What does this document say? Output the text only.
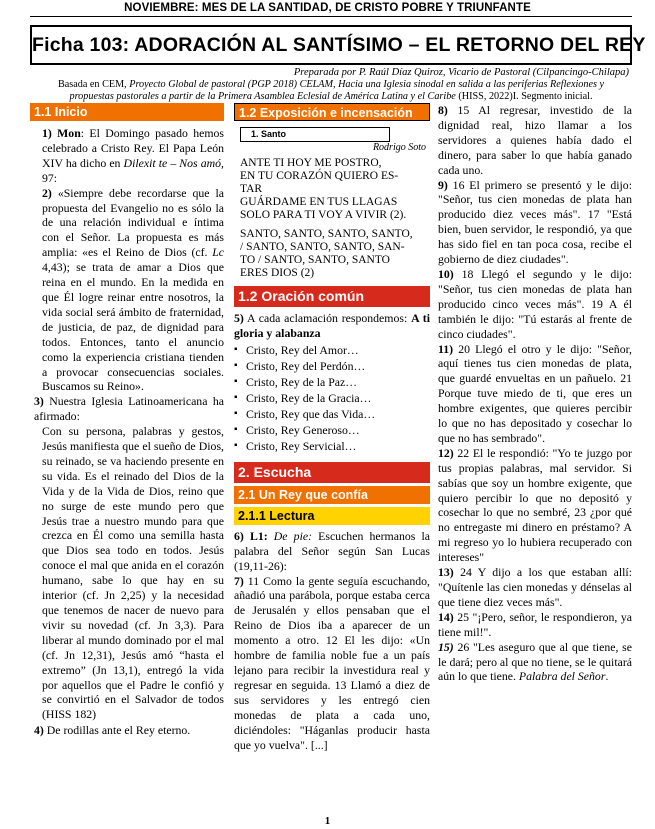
NOVIEMBRE: MES DE LA SANTIDAD, DE CRISTO POBRE Y TRIUNFANTE
Ficha 103: ADORACIÓN AL SANTÍSIMO – EL RETORNO DEL REY
Preparada por P. Raúl Díaz Quiroz, Vicario de Pastoral (Cilpancingo-Chilapa)
Basada en CEM, Proyecto Global de pastoral (PGP 2018) CELAM, Hacia una Iglesia sinodal en salida a las periferias Reflexiones y
propuestas pastorales a partir de la Primera Asamblea Eclesial de América Latina y el Caribe (HISS, 2022)I. Segmento inicial.
1.1 Inicio
1) Mon: El Domingo pasado hemos celebrado a Cristo Rey. El Papa León XIV ha dicho en Dilexit te – Nos amó, 97:
2) «Siempre debe recordarse que la propuesta del Evangelio no es sólo la de una relación individual e íntima con el Señor. La propuesta es más amplia: «es el Reino de Dios (cf. Lc 4,43); se trata de amar a Dios que reina en el mundo. En la medida en que Él logre reinar entre nosotros, la vida social será ámbito de fraternidad, de justicia, de paz, de dignidad para todos. Entonces, tanto el anuncio como la experiencia cristiana tienden a provocar consecuencias sociales. Buscamos su Reino».
3) Nuestra Iglesia Latinoamericana ha afirmado:
Con su persona, palabras y gestos, Jesús manifiesta que el sueño de Dios, su reinado, se va haciendo presente en su vida. Es el reinado del Dios de la Vida y de la Vida de Dios, reino que no surge de este mundo pero que Jesús trae a nuestro mundo para que crezca en Él como una semilla hasta que Dios sea todo en todos. Jesús conoce el mal que anida en el corazón humano, sabe lo que hay en su interior (cf. Jn 2,25) y la necesidad que tenemos de nacer de nuevo para vivir su novedad (cf. Jn 3,3). Para liberar al mundo dominado por el mal (cf. Jn 12,31), Jesús amó “hasta el extremo” (Jn 13,1), entregó la vida por aquellos que el Padre le confió y se convirtió en el Salvador de todos (HISS 182)
4) De rodillas ante el Rey eterno.
1.2 Exposición e incensación
1. Santo
Rodrigo Soto
ANTE TI HOY ME POSTRO,
EN TU CORAZÓN QUIERO ES-
TAR
GUÁRDAME EN TUS LLAGAS
SOLO PARA TI VOY A VIVIR (2).
SANTO, SANTO, SANTO, SANTO,
/ SANTO, SANTO, SANTO, SAN-
TO / SANTO, SANTO, SANTO
ERES DIOS (2)
1.2 Oración común
5) A cada aclamación respondemos: A ti gloria y alabanza
▪ Cristo, Rey del Amor…
▪ Cristo, Rey del Perdón…
▪ Cristo, Rey de la Paz…
▪ Cristo, Rey de la Gracia…
▪ Cristo, Rey que das Vida…
▪ Cristo, Rey Generoso…
▪ Cristo, Rey Servicial…
2. Escucha
2.1 Un Rey que confía
2.1.1 Lectura
6) L1: De pie: Escuchen hermanos la palabra del Señor según San Lucas (19,11-26):
7) 11 Como la gente seguía escuchando, añadió una parábola, porque estaba cerca de Jerusalén y ellos pensaban que el Reino de Dios iba a aparecer de un momento a otro. 12 El les dijo: «Un hombre de familia noble fue a un país lejano para recibir la investidura real y regresar en seguida. 13 Llamó a diez de sus servidores y les entregó cien monedas de plata a cada uno, diciéndoles: "Háganlas producir hasta que yo vuelva". [...]
8) 15 Al regresar, investido de la dignidad real, hizo llamar a los servidores a quienes había dado el dinero, para saber lo que había ganado cada uno.
9) 16 El primero se presentó y le dijo: "Señor, tus cien monedas de plata han producido diez veces más". 17 "Está bien, buen servidor, le respondió, ya que has sido fiel en tan poca cosa, recibe el gobierno de diez ciudades".
10) 18 Llegó el segundo y le dijo: "Señor, tus cien monedas de plata han producido cinco veces más". 19 A él también le dijo: "Tú estarás al frente de cinco ciudades".
11) 20 Llegó el otro y le dijo: "Señor, aquí tienes tus cien monedas de plata, que guardé envueltas en un pañuelo. 21 Porque tuve miedo de ti, que eres un hombre exigentes, que quieres percibir lo que no has depositado y cosechar lo que no has sembrado".
12) 22 El le respondió: "Yo te juzgo por tus propias palabras, mal servidor. Si sabías que soy un hombre exigente, que quiero percibir lo que no depositó y cosechar lo que no sembré, 23 ¿por qué no entregaste mi dinero en préstamo? A mi regreso yo lo hubiera recuperado con intereses"
13) 24 Y dijo a los que estaban allí: "Quítenle las cien monedas y dénselas al que tiene diez veces más".
14) 25 "¡Pero, señor, le respondieron, ya tiene mil!".
15) 26 "Les aseguro que al que tiene, se le dará; pero al que no tiene, se le quitará aún lo que tiene. Palabra del Señor.
1
